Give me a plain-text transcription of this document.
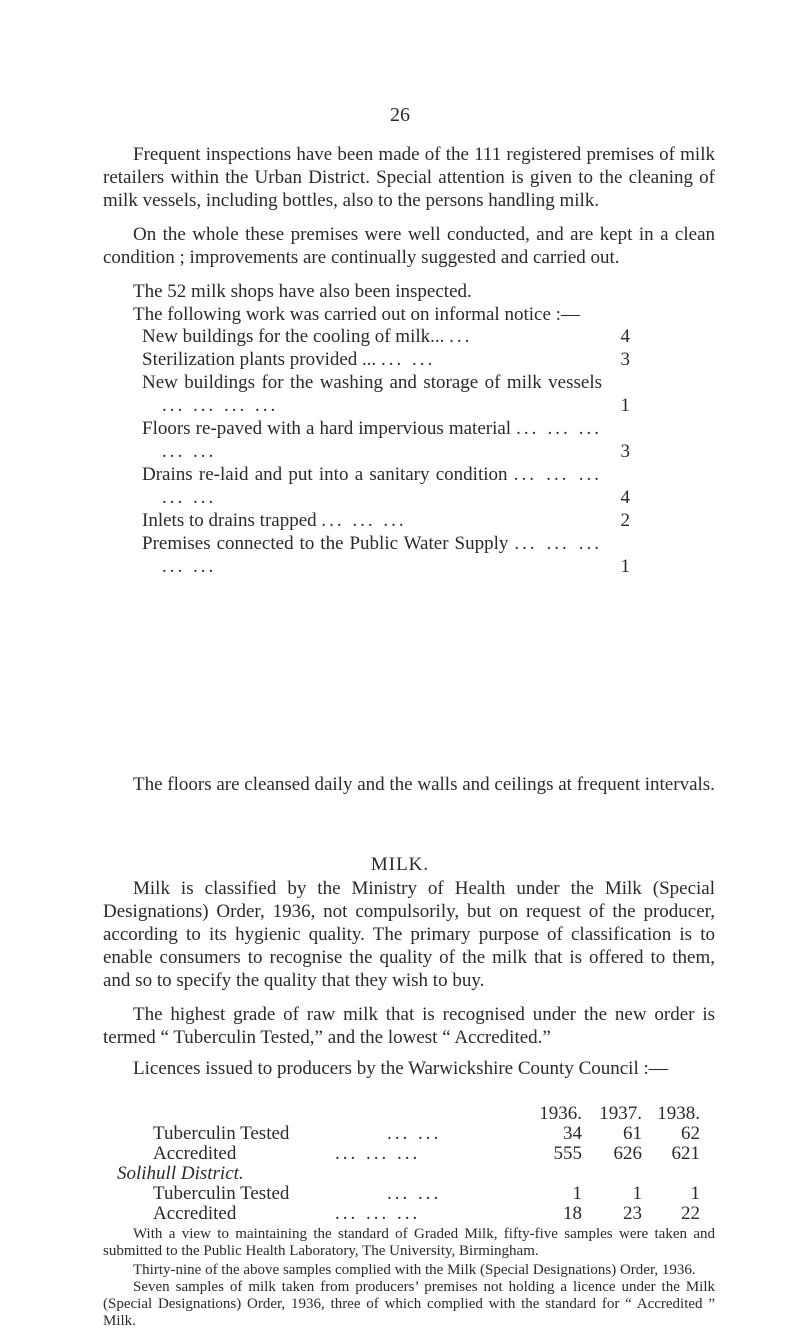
26

Frequent inspections have been made of the 111 registered premises of milk retailers within the Urban District. Special attention is given to the cleaning of milk vessels, including bottles, also to the persons handling milk.

On the whole these premises were well conducted, and are kept in a clean condition ; improvements are continually suggested and carried out.

The 52 milk shops have also been inspected.

The following work was carried out on informal notice :—

New buildings for the cooling of milk... ...	4
Sterilization plants provided ... ... ...	3
New buildings for the washing and storage of milk vessels ... ... ... ...	1
Floors re-paved with a hard impervious material ... ... ... ... ...	3
Drains re-laid and put into a sanitary condition ... ... ... ... ...	4
Inlets to drains trapped ... ... ...	2
Premises connected to the Public Water Supply ... ... ... ... ...	1

The floors are cleansed daily and the walls and ceilings at frequent intervals.

MILK.

Milk is classified by the Ministry of Health under the Milk (Special Designations) Order, 1936, not compulsorily, but on request of the producer, according to its hygienic quality. The primary purpose of classification is to enable consumers to recognise the quality of the milk that is offered to them, and so to specify the quality that they wish to buy.

The highest grade of raw milk that is recognised under the new order is termed “ Tuberculin Tested,” and the lowest “ Accredited.”

Licences issued to producers by the Warwickshire County Council :—

1936. 1937. 1938.
Tuberculin Tested	... ...	34	61	62
Accredited	... ... ...	555	626	621
Solihull District.
Tuberculin Tested	... ...	1	1	1
Accredited	... ... ...	18	23	22

With a view to maintaining the standard of Graded Milk, fifty-five samples were taken and submitted to the Public Health Laboratory, The University, Birmingham.

Thirty-nine of the above samples complied with the Milk (Special Designations) Order, 1936.

Seven samples of milk taken from producers’ premises not holding a licence under the Milk (Special Designations) Order, 1936, three of which complied with the standard for “ Accredited ” Milk.
